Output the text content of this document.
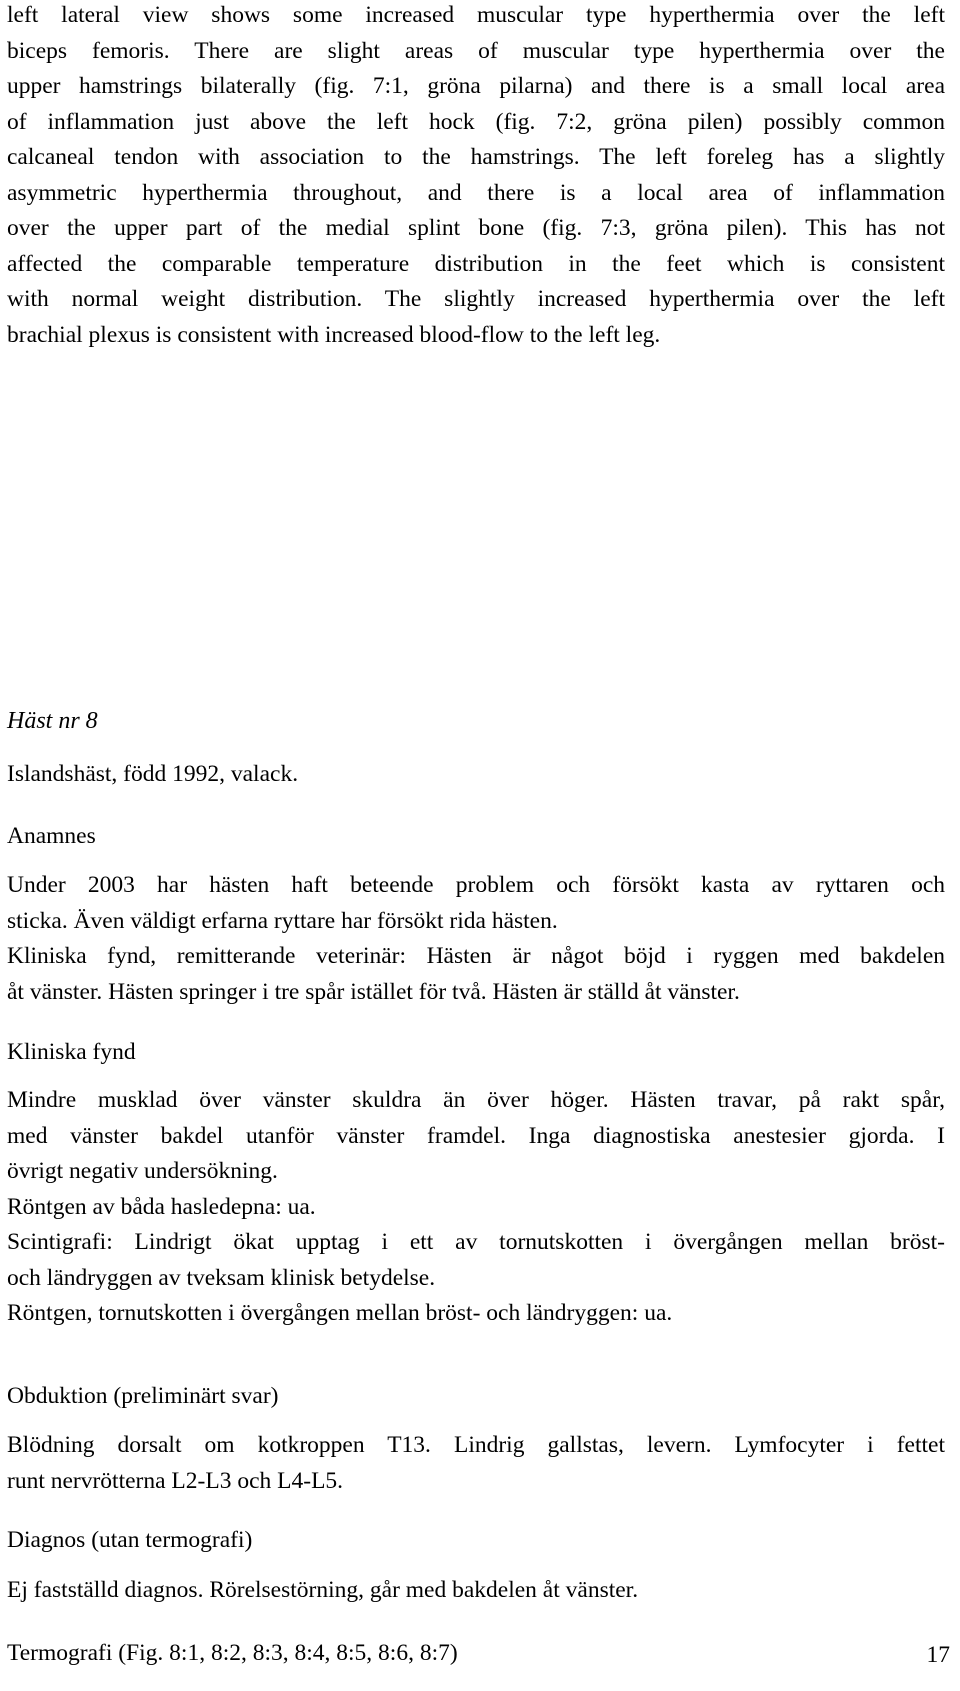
left lateral view shows some increased muscular type hyperthermia over the left
biceps femoris. There are slight areas of muscular type hyperthermia over the
upper hamstrings bilaterally (fig. 7:1, gröna pilarna) and there is a small local area
of inflammation just above the left hock (fig. 7:2, gröna pilen) possibly common
calcaneal tendon with association to the hamstrings. The left foreleg has a slightly
asymmetric hyperthermia throughout, and there is a local area of inflammation
over the upper part of the medial splint bone (fig. 7:3, gröna pilen). This has not
affected the comparable temperature distribution in the feet which is consistent
with normal weight distribution. The slightly increased hyperthermia over the left
brachial plexus is consistent with increased blood-flow to the left leg.
Häst nr 8
Islandshäst, född 1992, valack.
Anamnes
Under 2003 har hästen haft beteende problem och försökt kasta av ryttaren och
sticka. Även väldigt erfarna ryttare har försökt rida hästen.
Kliniska fynd, remitterande veterinär: Hästen är något böjd i ryggen med bakdelen
åt vänster. Hästen springer i tre spår istället för två. Hästen är ställd åt vänster.
Kliniska fynd
Mindre musklad över vänster skuldra än över höger. Hästen travar, på rakt spår,
med vänster bakdel utanför vänster framdel. Inga diagnostiska anestesier gjorda. I
övrigt negativ undersökning.
Röntgen av båda hasledерna: ua.
Scintigrafi: Lindrigt ökat upptag i ett av tornutskotten i övergången mellan bröst-
och ländryggen av tveksam klinisk betydelse.
Röntgen, tornutskotten i övergången mellan bröst- och ländryggen: ua.
Obduktion (preliminärt svar)
Blödning dorsalt om kotkroppen T13. Lindrig gallstas, levern. Lymfocyter i fettet
runt nervrötterna L2-L3 och L4-L5.
Diagnos (utan termografi)
Ej fastställd diagnos. Rörelsestörning, går med bakdelen åt vänster.
Termografi (Fig. 8:1, 8:2, 8:3, 8:4, 8:5, 8:6, 8:7)	17
